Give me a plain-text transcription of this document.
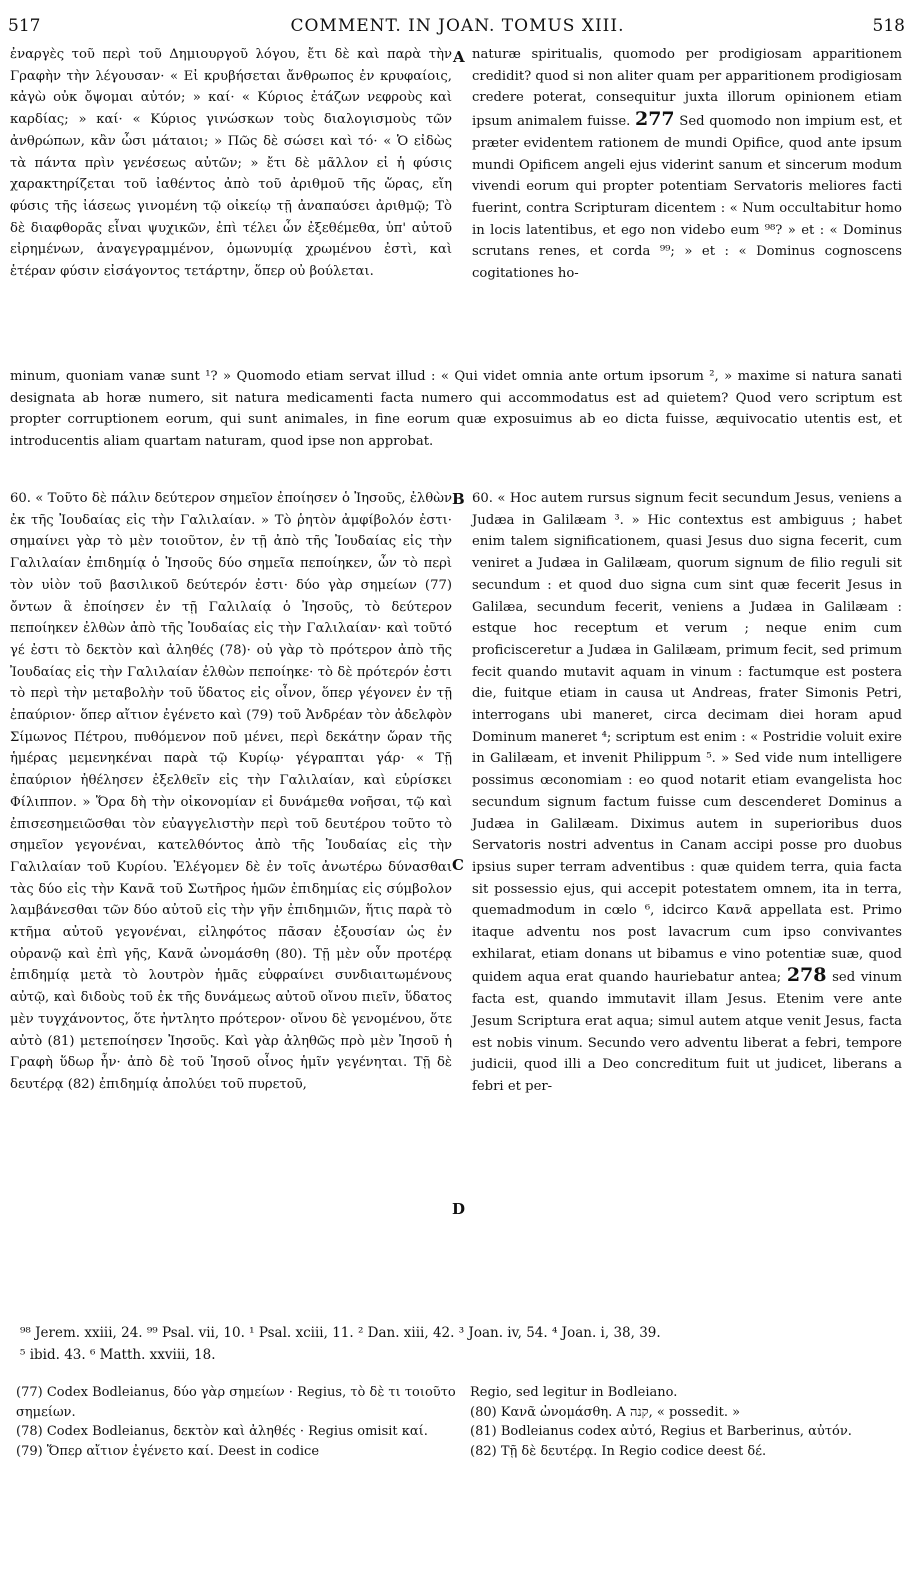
517	COMMENT. IN JOAN. TOMUS XIII.	518

ἐναργὲς τοῦ περὶ τοῦ Δημιουργοῦ λόγου, ἔτι δὲ καὶ παρὰ τὴν Γραφὴν τὴν λέγουσαν· « Εἰ κρυβήσεται ἄνθρωπος ἐν κρυφαίοις, κἀγὼ οὐκ ὄψομαι αὐτόν; » καί· « Κύριος ἐτάζων νεφροὺς καὶ καρδίας; » καί· « Κύριος γινώσκων τοὺς διαλογισμοὺς τῶν ἀνθρώπων, κἂν ὦσι μάταιοι; » Πῶς δὲ σώσει καὶ τό· « Ὁ εἰδὼς τὰ πάντα πρὶν γενέσεως αὐτῶν; » ἔτι δὲ μᾶλλον εἰ ἡ φύσις χαρακτηρίζεται τοῦ ἰαθέντος ἀπὸ τοῦ ἀριθμοῦ τῆς ὥρας, εἴη φύσις τῆς ἰάσεως γινομένη τῷ οἰκείῳ τῇ ἀναπαύσει ἀριθμῷ; Τὸ δὲ διαφθορᾶς εἶναι ψυχικῶν, ἐπὶ τέλει ὧν ἐξεθέμεθα, ὑπ' αὐτοῦ εἰρημένων, ἀναγεγραμμένον, ὁμωνυμίᾳ χρωμένου ἐστὶ, καὶ ἑτέραν φύσιν εἰσάγοντος τετάρτην, ὅπερ οὐ βούλεται.

A naturæ spiritualis, quomodo per prodigiosam apparitionem credidit? quod si non aliter quam per apparitionem prodigiosam credere poterat, consequitur juxta illorum opinionem etiam ipsum animalem fuisse. 277 Sed quomodo non impium est, et præter evidentem rationem de mundi Opifice, quod ante ipsum mundi Opificem angeli ejus viderint sanum et sincerum modum vivendi eorum qui propter potentiam Servatoris meliores facti fuerint, contra Scripturam dicentem : « Num occultabitur homo in locis latentibus, et ego non videbo eum ⁹⁸? » et : « Dominus scrutans renes, et corda ⁹⁹; » et : « Dominus cognoscens cogitationes ho-

minum, quoniam vanæ sunt ¹? » Quomodo etiam servat illud : « Qui videt omnia ante ortum ipsorum ², » maxime si natura sanati designata ab horæ numero, sit natura medicamenti facta numero qui accommodatus est ad quietem? Quod vero scriptum est propter corruptionem eorum, qui sunt animales, in fine eorum quæ exposuimus ab eo dicta fuisse, æquivocatio utentis est, et introducentis aliam quartam naturam, quod ipse non approbat.

60. « Τοῦτο δὲ πάλιν δεύτερον σημεῖον ἐποίησεν ὁ Ἰησοῦς, ἐλθὼν ἐκ τῆς Ἰουδαίας εἰς τὴν Γαλιλαίαν. » Τὸ ῥητὸν ἀμφίβολόν ἐστι· σημαίνει γὰρ τὸ μὲν τοιοῦτον, ἐν τῇ ἀπὸ τῆς Ἰουδαίας εἰς τὴν Γαλιλαίαν ἐπιδημίᾳ ὁ Ἰησοῦς δύο σημεῖα πεποίηκεν, ὧν τὸ περὶ τὸν υἱὸν τοῦ βασιλικοῦ δεύτερόν ἐστι· δύο γὰρ σημείων (77) ὄντων ἃ ἐποίησεν ἐν τῇ Γαλιλαίᾳ ὁ Ἰησοῦς, τὸ δεύτερον πεποίηκεν ἐλθὼν ἀπὸ τῆς Ἰουδαίας εἰς τὴν Γαλιλαίαν· καὶ τοῦτό γέ ἐστι τὸ δεκτὸν καὶ ἀληθές (78)· οὐ γὰρ τὸ πρότερον ἀπὸ τῆς Ἰουδαίας εἰς τὴν Γαλιλαίαν ἐλθὼν πεποίηκε· τὸ δὲ πρότερόν ἐστι τὸ περὶ τὴν μεταβολὴν τοῦ ὕδατος εἰς οἶνον, ὅπερ γέγονεν ἐν τῇ ἐπαύριον· ὅπερ αἴτιον ἐγένετο καὶ (79) τοῦ Ἀνδρέαν τὸν ἀδελφὸν Σίμωνος Πέτρου, πυθόμενον ποῦ μένει, περὶ δεκάτην ὥραν τῆς ἡμέρας μεμενηκέναι παρὰ τῷ Κυρίῳ· γέγραπται γάρ· « Τῇ ἐπαύριον ἠθέλησεν ἐξελθεῖν εἰς τὴν Γαλιλαίαν, καὶ εὑρίσκει Φίλιππον. » Ὅρα δὴ τὴν οἰκονομίαν εἰ δυνάμεθα νοῆσαι, τῷ καὶ ἐπισεσημειῶσθαι τὸν εὐαγγελιστὴν περὶ τοῦ δευτέρου τοῦτο τὸ σημεῖον γεγονέναι, κατελθόντος ἀπὸ τῆς Ἰουδαίας εἰς τὴν Γαλιλαίαν τοῦ Κυρίου. Ἐλέγομεν δὲ ἐν τοῖς ἀνωτέρω δύνασθαι τὰς δύο εἰς τὴν Κανᾶ τοῦ Σωτῆρος ἡμῶν ἐπιδημίας εἰς σύμβολον λαμβάνεσθαι τῶν δύο αὐτοῦ εἰς τὴν γῆν ἐπιδημιῶν, ἥτις παρὰ τὸ κτῆμα αὐτοῦ γεγονέναι, εἰληφότος πᾶσαν ἐξουσίαν ὡς ἐν οὐρανῷ καὶ ἐπὶ γῆς, Κανᾶ ὠνομάσθη (80). Τῇ μὲν οὖν προτέρᾳ ἐπιδημίᾳ μετὰ τὸ λουτρὸν ἡμᾶς εὐφραίνει συνδιαιτωμένους αὐτῷ, καὶ διδοὺς τοῦ ἐκ τῆς δυνάμεως αὐτοῦ οἴνου πιεῖν, ὕδατος μὲν τυγχάνοντος, ὅτε ἠντλητο πρότερον· οἴνου δὲ γενομένου, ὅτε αὐτὸ (81) μετεποίησεν Ἰησοῦς. Καὶ γὰρ ἀληθῶς πρὸ μὲν Ἰησοῦ ἡ Γραφὴ ὕδωρ ἦν· ἀπὸ δὲ τοῦ Ἰησοῦ οἶνος ἡμῖν γεγένηται. Τῇ δὲ δευτέρᾳ (82) ἐπιδημίᾳ ἀπολύει τοῦ πυρετοῦ,

B
C
D

60. « Hoc autem rursus signum fecit secundum Jesus, veniens a Judæa in Galilæam ³. » Hic contextus est ambiguus ; habet enim talem significationem, quasi Jesus duo signa fecerit, cum veniret a Judæa in Galilæam, quorum signum de filio reguli sit secundum : et quod duo signa cum sint quæ fecerit Jesus in Galilæa, secundum fecerit, veniens a Judæa in Galilæam : estque hoc receptum et verum ; neque enim cum proficisceretur a Judæa in Galilæam, primum fecit, sed primum fecit quando mutavit aquam in vinum : factumque est postera die, fuitque etiam in causa ut Andreas, frater Simonis Petri, interrogans ubi maneret, circa decimam diei horam apud Dominum maneret ⁴; scriptum est enim : « Postridie voluit exire in Galilæam, et invenit Philippum ⁵. » Sed vide num intelligere possimus œconomiam : eo quod notarit etiam evangelista hoc secundum signum factum fuisse cum descenderet Dominus a Judæa in Galilæam. Diximus autem in superioribus duos Servatoris nostri adventus in Canam accipi posse pro duobus ipsius super terram adventibus : quæ quidem terra, quia facta sit possessio ejus, qui accepit potestatem omnem, ita in terra, quemadmodum in cœlo ⁶, idcirco Κανᾶ appellata est. Primo itaque adventu nos post lavacrum cum ipso convivantes exhilarat, etiam donans ut bibamus e vino potentiæ suæ, quod quidem aqua erat quando hauriebatur antea; 278 sed vinum facta est, quando immutavit illam Jesus. Etenim vere ante Jesum Scriptura erat aqua; simul autem atque venit Jesus, facta est nobis vinum. Secundo vero adventu liberat a febri, tempore judicii, quod illi a Deo concreditum fuit ut judicet, liberans a febri et per-

⁹⁸ Jerem. xxiii, 24. ⁹⁹ Psal. vii, 10. ¹ Psal. xciii, 11. ² Dan. xiii, 42. ³ Joan. iv, 54. ⁴ Joan. i, 38, 39.

⁵ ibid. 43. ⁶ Matth. xxviii, 18.

(77) Codex Bodleianus, δύο γὰρ σημείων · Regius, τὸ δὲ τι τοιοῦτο σημείων.

(78) Codex Bodleianus, δεκτὸν καὶ ἀληθές · Regius omisit καί.

(79) Ὅπερ αἴτιον ἐγένετο καί. Deest in codice

Regio, sed legitur in Bodleiano.

(80) Κανᾶ ὠνομάσθη. A קנה, « possedit. »

(81) Bodleianus codex αὐτό, Regius et Barberinus, αὐτόν.

(82) Τῇ δὲ δευτέρᾳ. In Regio codice deest δέ.
